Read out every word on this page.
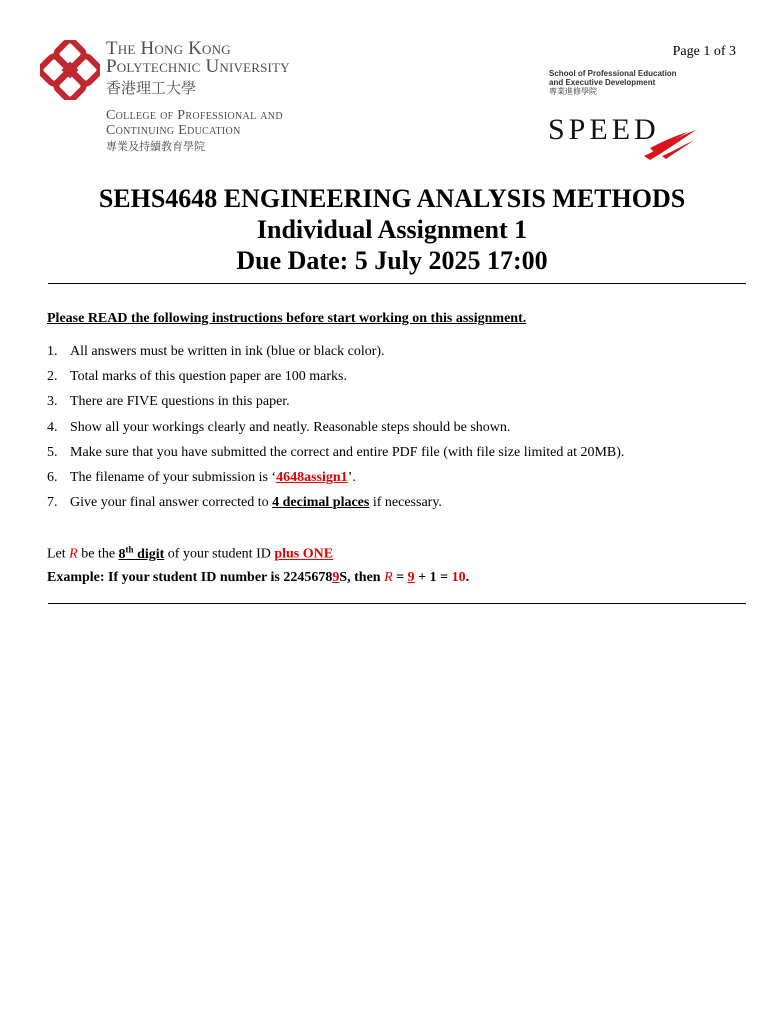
The Hong Kong
Polytechnic University
香港理工大學
College of Professional and
Continuing Education
專業及持續教育學院
Page 1 of 3
School of Professional Education
and Executive Development
專業進修學院
SPEED
SEHS4648 ENGINEERING ANALYSIS METHODS
Individual Assignment 1
Due Date: 5 July 2025 17:00
Please READ the following instructions before start working on this assignment.
1. All answers must be written in ink (blue or black color).
2. Total marks of this question paper are 100 marks.
3. There are FIVE questions in this paper.
4. Show all your workings clearly and neatly. Reasonable steps should be shown.
5. Make sure that you have submitted the correct and entire PDF file (with file size limited at 20MB).
6. The filename of your submission is ‘4648assign1’.
7. Give your final answer corrected to 4 decimal places if necessary.
Let R be the 8th digit of your student ID plus ONE
Example: If your student ID number is 22456789S, then R = 9 + 1 = 10.
